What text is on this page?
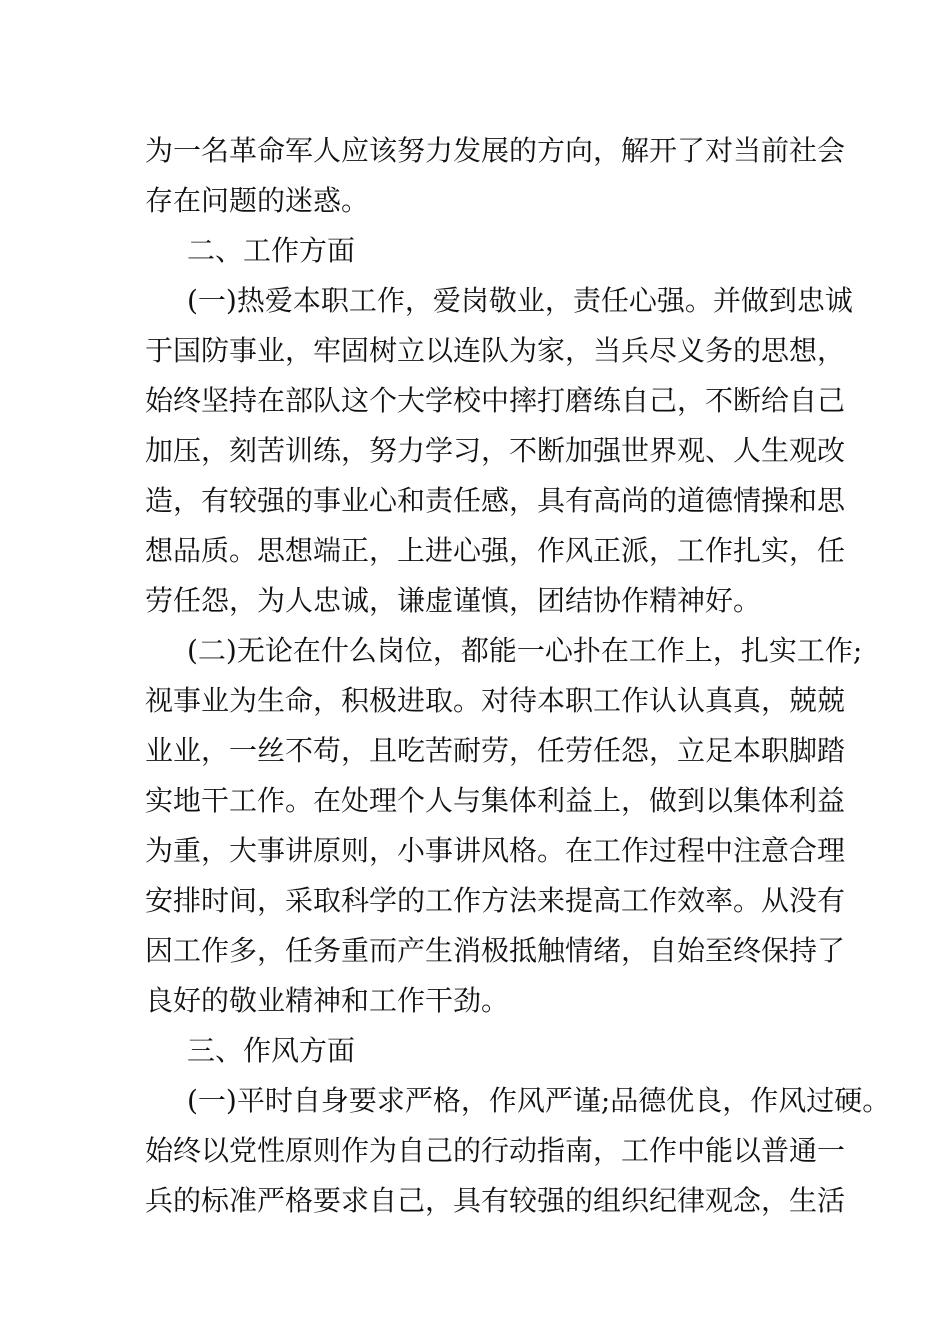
为一名革命军人应该努力发展的方向，解开了对当前社会
存在问题的迷惑。
二、工作方面
(一)热爱本职工作，爱岗敬业，责任心强。并做到忠诚
于国防事业，牢固树立以连队为家，当兵尽义务的思想，
始终坚持在部队这个大学校中摔打磨练自己，不断给自己
加压，刻苦训练，努力学习，不断加强世界观、人生观改
造，有较强的事业心和责任感，具有高尚的道德情操和思
想品质。思想端正，上进心强，作风正派，工作扎实，任
劳任怨，为人忠诚，谦虚谨慎，团结协作精神好。
(二)无论在什么岗位，都能一心扑在工作上，扎实工作;
视事业为生命，积极进取。对待本职工作认认真真，兢兢
业业，一丝不苟，且吃苦耐劳，任劳任怨，立足本职脚踏
实地干工作。在处理个人与集体利益上，做到以集体利益
为重，大事讲原则，小事讲风格。在工作过程中注意合理
安排时间，采取科学的工作方法来提高工作效率。从没有
因工作多，任务重而产生消极抵触情绪，自始至终保持了
良好的敬业精神和工作干劲。
三、作风方面
(一)平时自身要求严格，作风严谨;品德优良，作风过硬。
始终以党性原则作为自己的行动指南，工作中能以普通一
兵的标准严格要求自己，具有较强的组织纪律观念，生活
